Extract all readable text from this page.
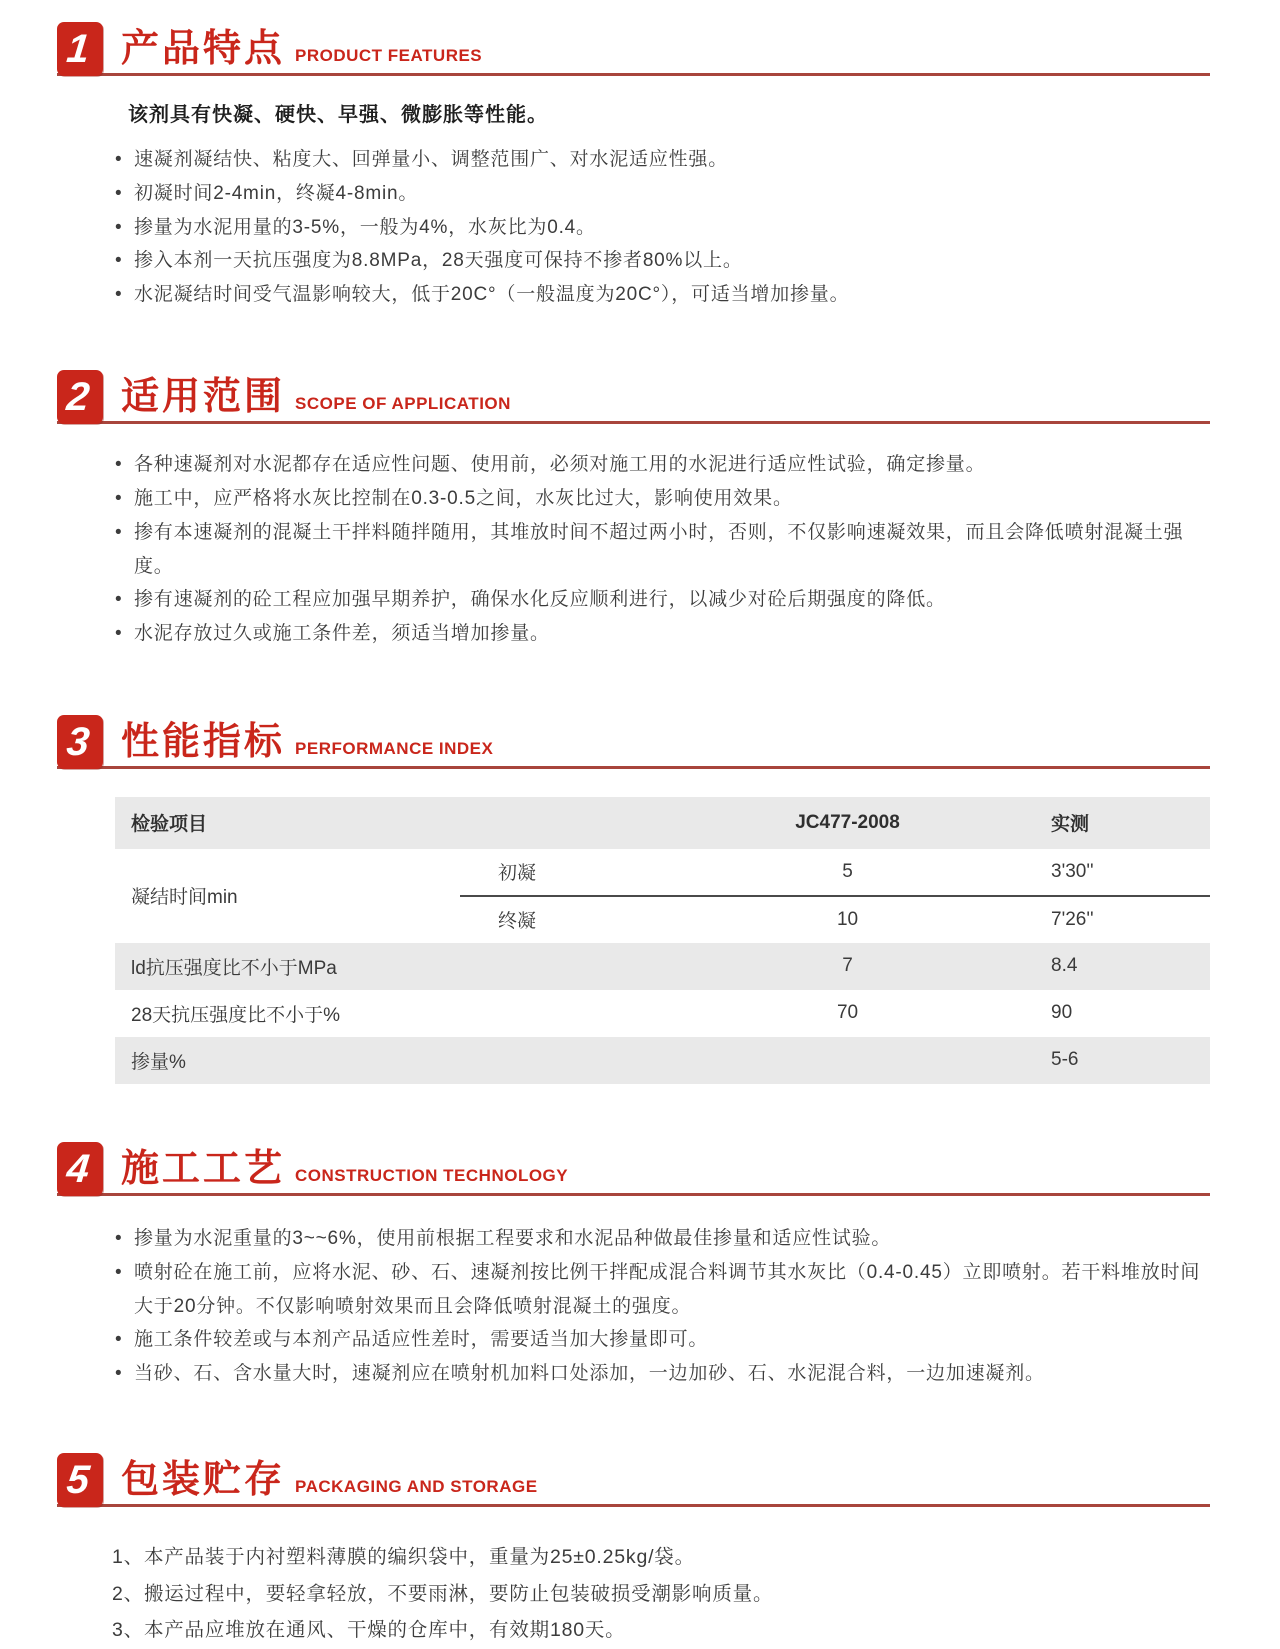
1 产品特点 PRODUCT FEATURES

该剂具有快凝、硬快、早强、微膨胀等性能。

• 速凝剂凝结快、粘度大、回弹量小、调整范围广、对水泥适应性强。
• 初凝时间2-4min，终凝4-8min。
• 掺量为水泥用量的3-5%，一般为4%，水灰比为0.4。
• 掺入本剂一天抗压强度为8.8MPa，28天强度可保持不掺者80%以上。
• 水泥凝结时间受气温影响较大，低于20C°（一般温度为20C°），可适当增加掺量。
2 适用范围 SCOPE OF APPLICATION
• 各种速凝剂对水泥都存在适应性问题、使用前，必须对施工用的水泥进行适应性试验，确定掺量。
• 施工中，应严格将水灰比控制在0.3-0.5之间，水灰比过大，影响使用效果。
• 掺有本速凝剂的混凝土干拌料随拌随用，其堆放时间不超过两小时，否则，不仅影响速凝效果，而且会降低喷射混凝土强度。
• 掺有速凝剂的砼工程应加强早期养护，确保水化反应顺利进行，以减少对砼后期强度的降低。
• 水泥存放过久或施工条件差，须适当增加掺量。
3 性能指标 PERFORMANCE INDEX
检验项目		JC477-2008	实测
凝结时间min	初凝	5	3'30''
	终凝	10	7'26''
ld抗压强度比不小于MPa		7	8.4
28天抗压强度比不小于%		70	90
掺量%			5-6
4 施工工艺 CONSTRUCTION TECHNOLOGY
• 掺量为水泥重量的3~~6%，使用前根据工程要求和水泥品种做最佳掺量和适应性试验。
• 喷射砼在施工前，应将水泥、砂、石、速凝剂按比例干拌配成混合料调节其水灰比（0.4-0.45）立即喷射。若干料堆放时间大于20分钟。不仅影响喷射效果而且会降低喷射混凝土的强度。
• 施工条件较差或与本剂产品适应性差时，需要适当加大掺量即可。
• 当砂、石、含水量大时，速凝剂应在喷射机加料口处添加，一边加砂、石、水泥混合料，一边加速凝剂。
5 包装贮存 PACKAGING AND STORAGE

1、本产品装于内衬塑料薄膜的编织袋中，重量为25±0.25kg/袋。

2、搬运过程中，要轻拿轻放，不要雨淋，要防止包装破损受潮影响质量。

3、本产品应堆放在通风、干燥的仓库中，有效期180天。
